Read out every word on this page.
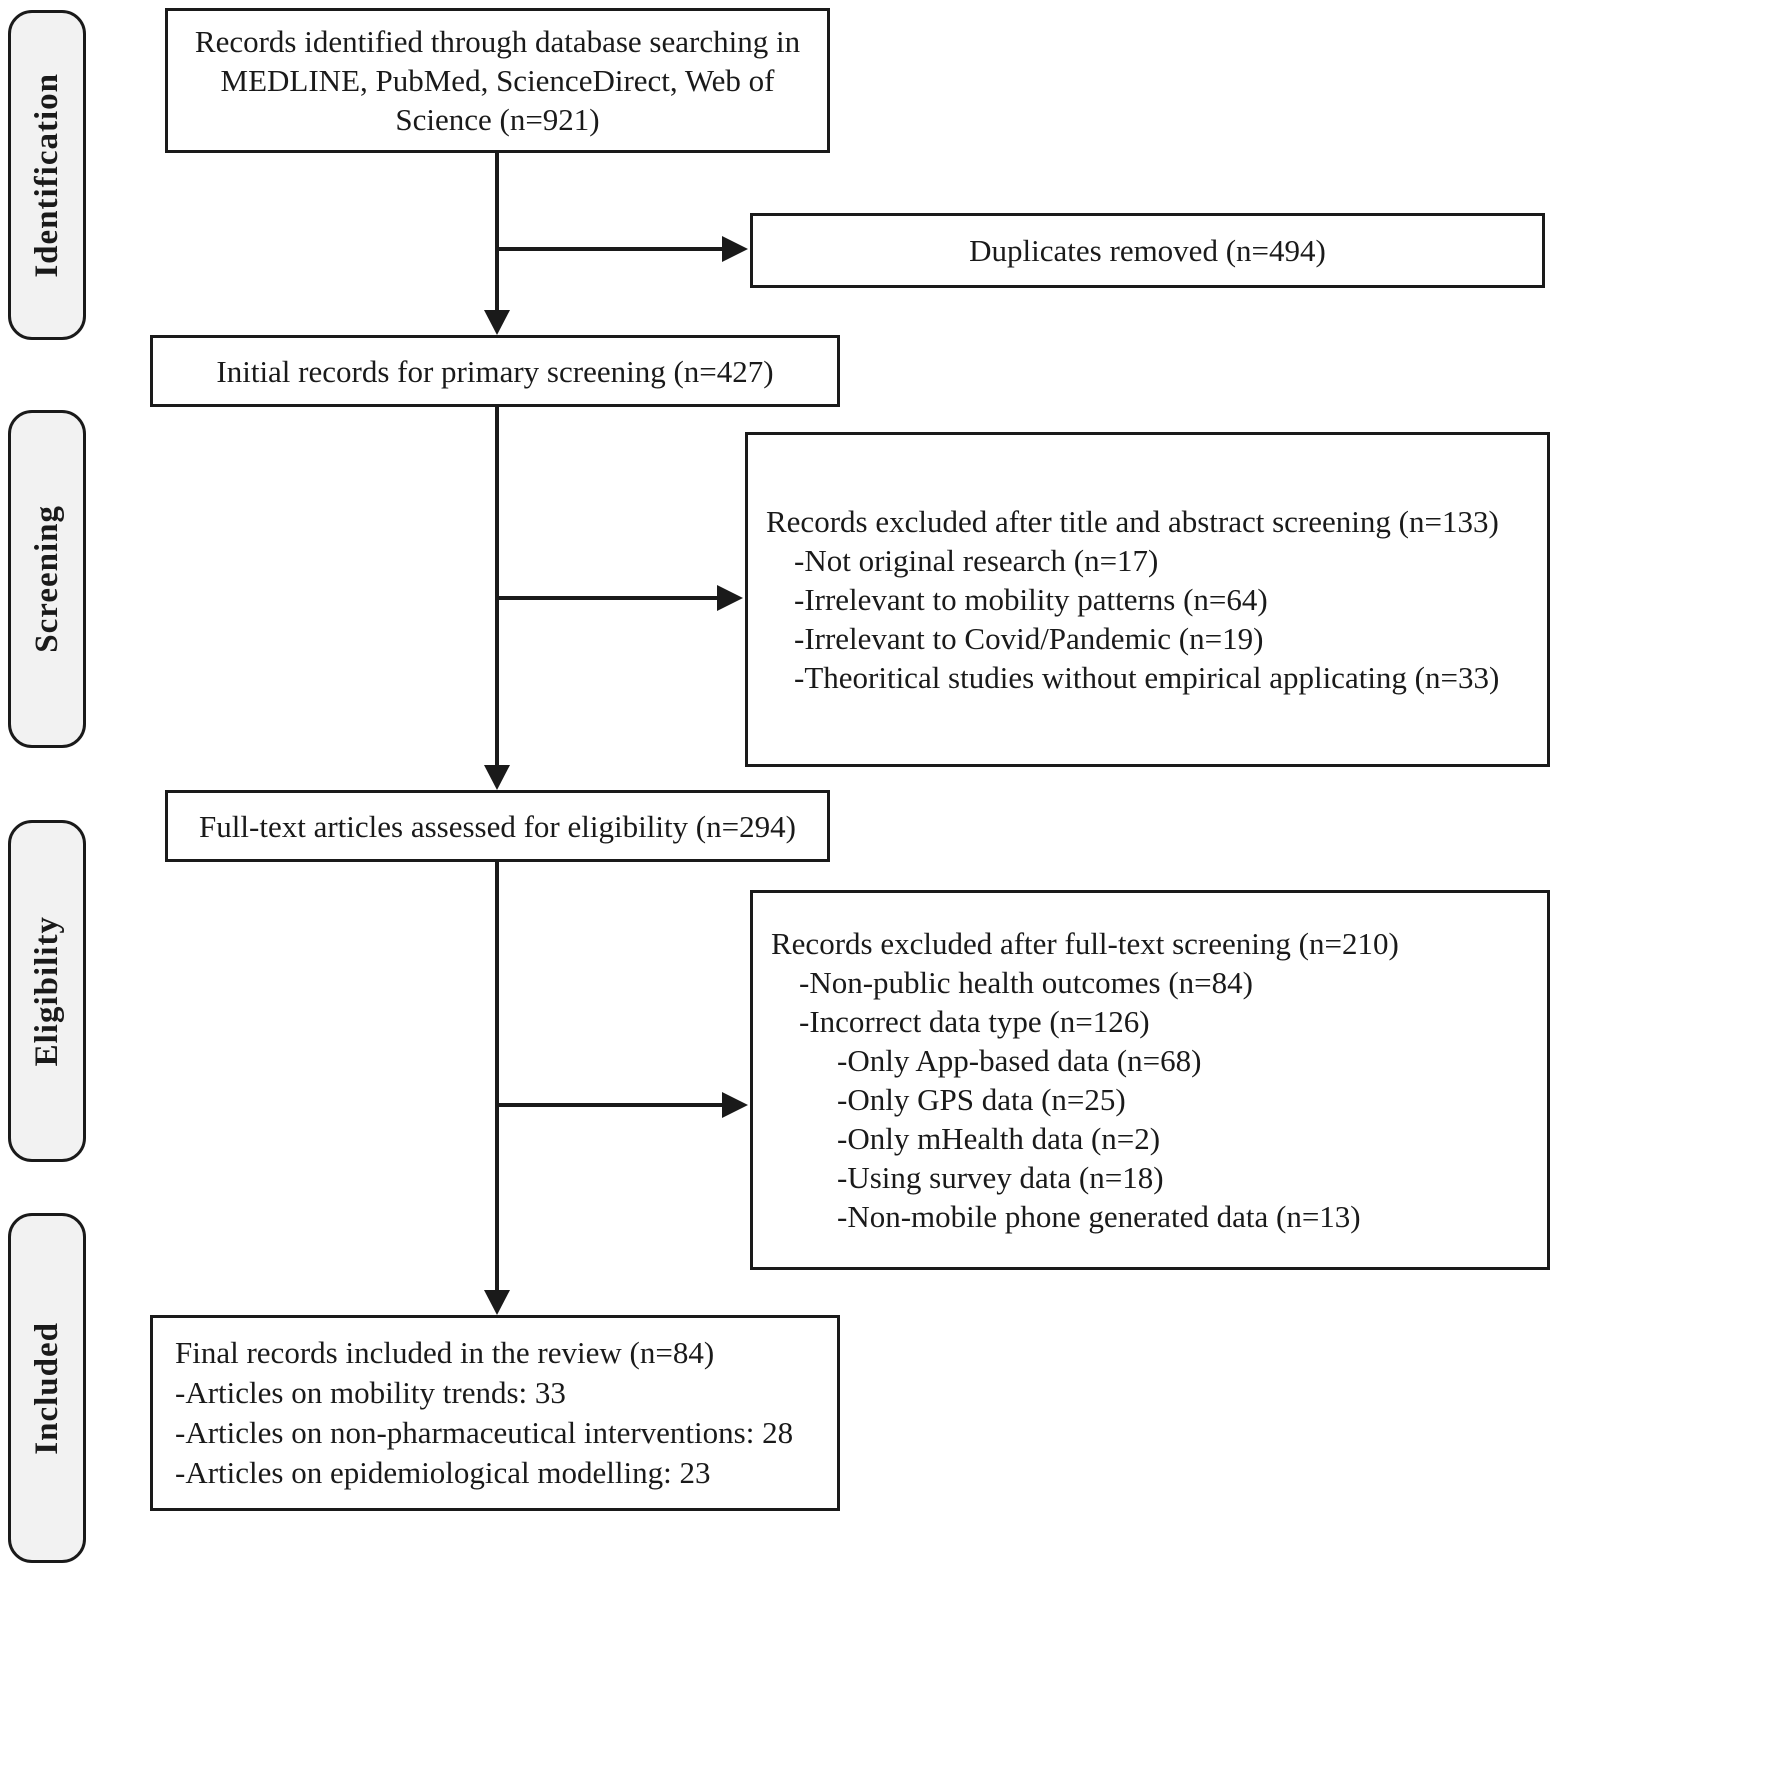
Identification
Screening
Eligibility
Included
Records identified through database searching in MEDLINE, PubMed, ScienceDirect, Web of Science (n=921)
Duplicates removed (n=494)
Initial records for primary screening (n=427)
Records excluded after title and abstract screening (n=133)
-Not original research (n=17)
-Irrelevant to mobility patterns (n=64)
-Irrelevant to Covid/Pandemic (n=19)
-Theoritical studies without empirical applicating (n=33)
Full-text articles assessed for eligibility (n=294)
Records excluded after full-text screening (n=210)
-Non-public health outcomes (n=84)
-Incorrect data type (n=126)
-Only App-based data (n=68)
-Only GPS data (n=25)
-Only mHealth data (n=2)
-Using survey data (n=18)
-Non-mobile phone generated data (n=13)
Final records included in the review (n=84)
-Articles on mobility trends: 33
-Articles on non-pharmaceutical interventions: 28
-Articles on epidemiological modelling: 23
